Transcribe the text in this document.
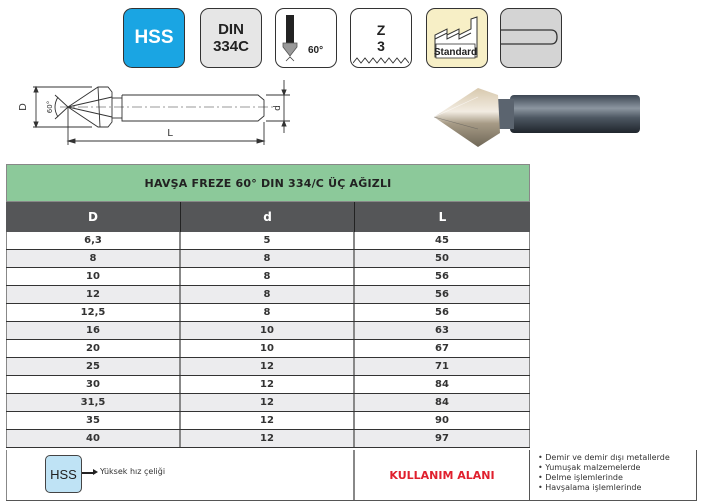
HSS	DIN
334C	60°
Z
3	Standard
D 60°	d
L
HAVŞA FREZE 60° DIN 334/C ÜÇ AĞIZLI
D	d	L
6,3	5	45
8	8	50
10	8	56
12	8	56
12,5	8	56
16	10	63
20	10	67
25	12	71
30	12	84
31,5	12	84
35	12	90
40	12	97
HSS	Yüksek hız çeliği	KULLANIM ALANI
• Demir ve demir dışı metallerde
• Yumuşak malzemelerde
• Delme işlemlerinde
• Havşalama işlemlerinde
